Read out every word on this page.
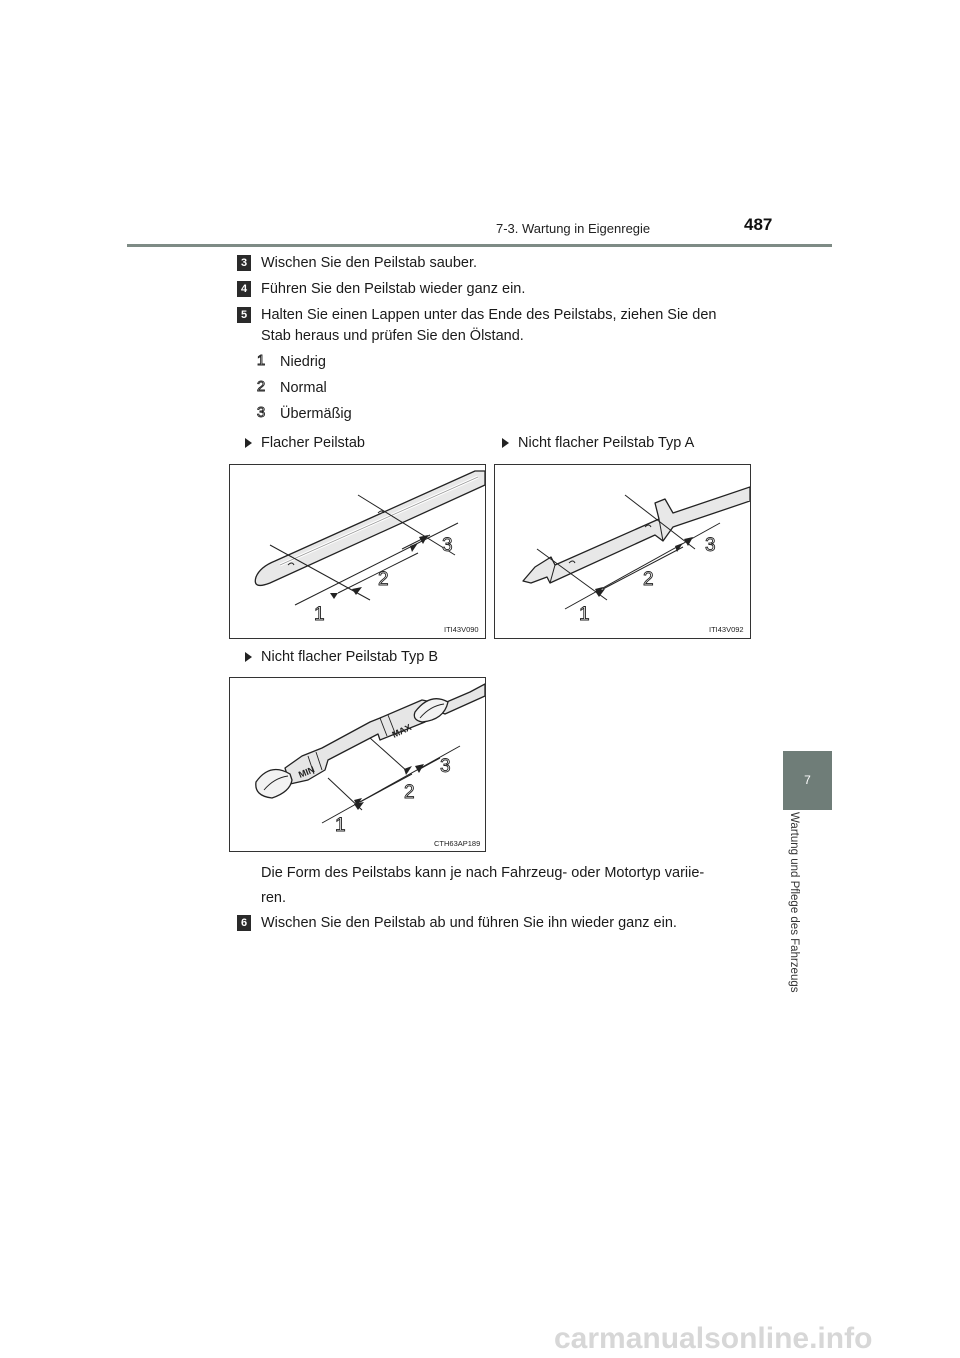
7-3. Wartung in Eigenregie	487
7
Wartung und Pflege des Fahrzeugs
3 Wischen Sie den Peilstab sauber.
4 Führen Sie den Peilstab wieder ganz ein.
5 Halten Sie einen Lappen unter das Ende des Peilstabs, ziehen Sie den
Stab heraus und prüfen Sie den Ölstand.
1 Niedrig
2 Normal
3 Übermäßig
Flacher Peilstab	Nicht flacher Peilstab Typ A
1
2
3
ITI43V090
1
2
3
ITI43V092
Nicht flacher Peilstab Typ B
MAX
MIN
1
2
3
CTH63AP189
Die Form des Peilstabs kann je nach Fahrzeug- oder Motortyp variie-
ren.
6 Wischen Sie den Peilstab ab und führen Sie ihn wieder ganz ein.
carmanualsonline.info
